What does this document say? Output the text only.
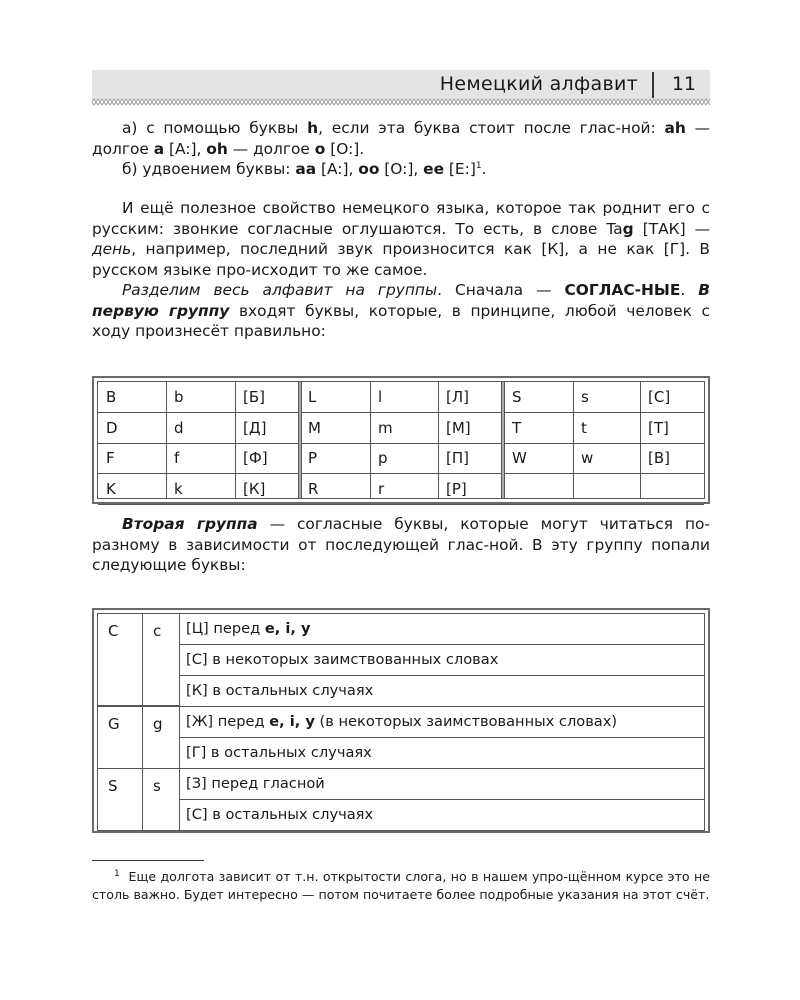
Немецкий алфавит 11

а) с помощью буквы h, если эта буква стоит после глас-ной: ah — долгое a [A:], oh — долгое o [O:].

б) удвоением буквы: aa [A:], oo [O:], ee [E:]$^1$.

И ещё полезное свойство немецкого языка, которое так роднит его с русским: звонкие согласные оглушаются. То есть, в слове Tag [ТАК] — день, например, последний звук произносится как [К], а не как [Г]. В русском языке про-исходит то же самое.

Разделим весь алфавит на группы. Сначала — СОГЛАС-НЫЕ. В первую группу входят буквы, которые, в принципе, любой человек с ходу произнесёт правильно:

B	b	[Б]	L	l	[Л]	S	s	[С]
D	d	[Д]	M	m	[М]	T	t	[Т]
F	f	[Ф]	P	p	[П]	W	w	[В]
K	k	[К]	R	r	[Р]

Вторая группа — согласные буквы, которые могут читаться по-разному в зависимости от последующей глас-ной. В эту группу попали следующие буквы:

C	c	[Ц] перед e, i, y
[С] в некоторых заимствованных словах
[К] в остальных случаях
G	g	[Ж] перед e, i, y (в некоторых заимствованных словах)
[Г] в остальных случаях
S	s	[З] перед гласной
[С] в остальных случаях

$^1$ Еще долгота зависит от т.н. открытости слога, но в нашем упро-щённом курсе это не столь важно. Будет интересно — потом почитаете более подробные указания на этот счёт.
